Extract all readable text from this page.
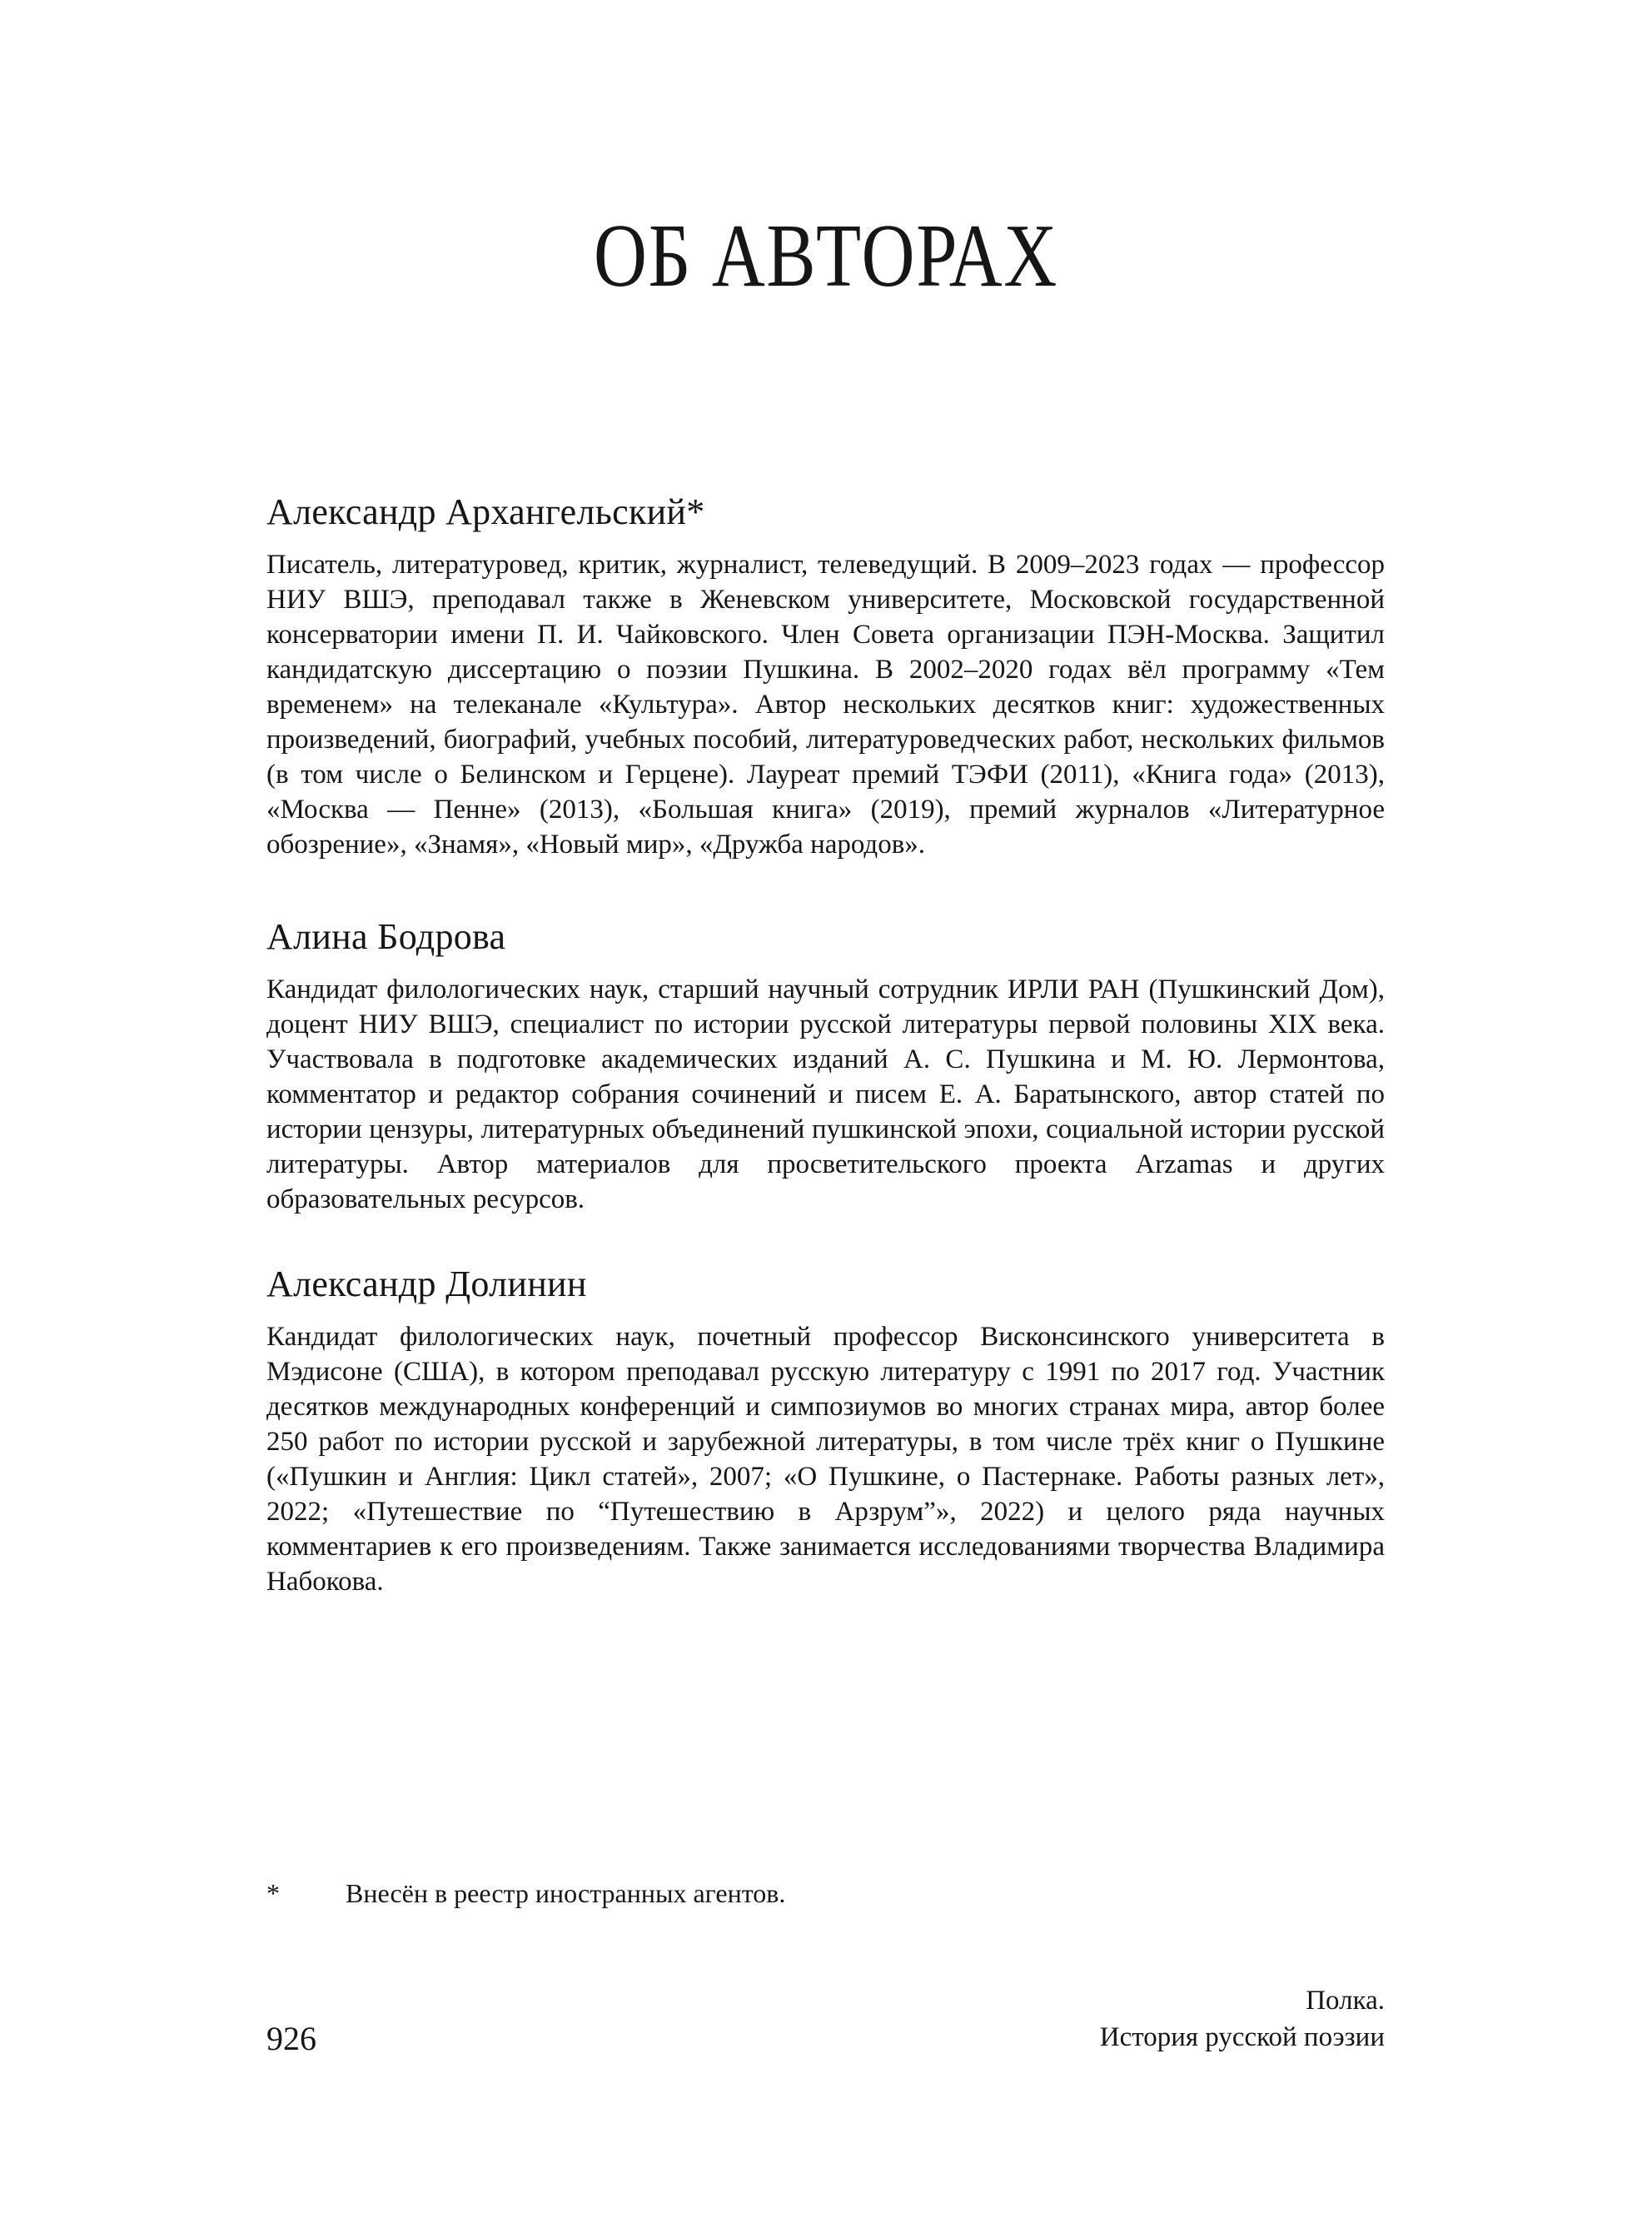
ОБ АВТОРАХ
Александр Архангельский*

Писатель, литературовед, критик, журналист, телеведущий. В 2009–2023 годах — профессор НИУ ВШЭ, преподавал также в Женевском университете, Московской государственной консерватории имени П. И. Чайковского. Член Совета организации ПЭН-Москва. Защитил кандидатскую диссертацию о поэзии Пушкина. В 2002–2020 годах вёл программу «Тем временем» на телеканале «Культура». Автор нескольких десятков книг: художественных произведений, биографий, учебных пособий, литературоведческих работ, нескольких фильмов (в том числе о Белинском и Герцене). Лауреат премий ТЭФИ (2011), «Книга года» (2013), «Москва — Пенне» (2013), «Большая книга» (2019), премий журналов «Литературное обозрение», «Знамя», «Новый мир», «Дружба народов».

Алина Бодрова

Кандидат филологических наук, старший научный сотрудник ИРЛИ РАН (Пушкинский Дом), доцент НИУ ВШЭ, специалист по истории русской литературы первой половины XIX века. Участвовала в подготовке академических изданий А. С. Пушкина и М. Ю. Лермонтова, комментатор и редактор собрания сочинений и писем Е. А. Баратынского, автор статей по истории цензуры, литературных объединений пушкинской эпохи, социальной истории русской литературы. Автор материалов для просветительского проекта Arzamas и других образовательных ресурсов.

Александр Долинин

Кандидат филологических наук, почетный профессор Висконсинского университета в Мэдисоне (США), в котором преподавал русскую литературу с 1991 по 2017 год. Участник десятков международных конференций и симпозиумов во многих странах мира, автор более 250 работ по истории русской и зарубежной литературы, в том числе трёх книг о Пушкине («Пушкин и Англия: Цикл статей», 2007; «О Пушкине, о Пастернаке. Работы разных лет», 2022; «Путешествие по “Путешествию в Арзрум”», 2022) и целого ряда научных комментариев к его произведениям. Также занимается исследованиями творчества Владимира Набокова.

*	Внесён в реестр иностранных агентов.
926
Полка.
История русской поэзии
